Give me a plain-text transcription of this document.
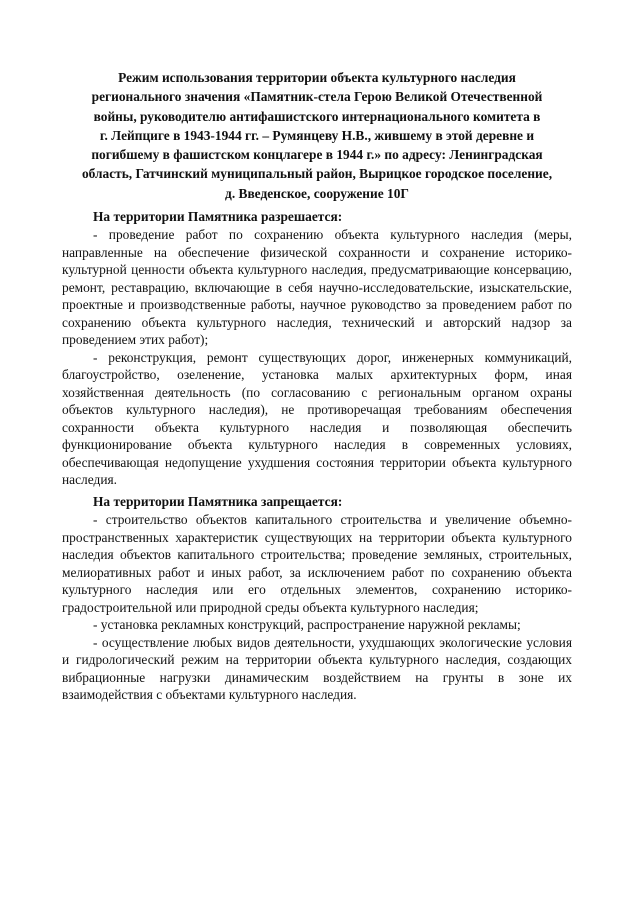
Режим использования территории объекта культурного наследия
регионального значения «Памятник-стела Герою Великой Отечественной
войны, руководителю антифашистского интернационального комитета в
г. Лейпциге в 1943-1944 гг. – Румянцеву Н.В., жившему в этой деревне и
погибшему в фашистском концлагере в 1944 г.» по адресу: Ленинградская
область, Гатчинский муниципальный район, Вырицкое городское поселение,
д. Введенское, сооружение 10Г
На территории Памятника разрешается:

- проведение работ по сохранению объекта культурного наследия (меры, направленные на обеспечение физической сохранности и сохранение историко-культурной ценности объекта культурного наследия, предусматривающие консервацию, ремонт, реставрацию, включающие в себя научно-исследовательские, изыскательские, проектные и производственные работы, научное руководство за проведением работ по сохранению объекта культурного наследия, технический и авторский надзор за проведением этих работ);

- реконструкция, ремонт существующих дорог, инженерных коммуникаций, благоустройство, озеленение, установка малых архитектурных форм, иная хозяйственная деятельность (по согласованию с региональным органом охраны объектов культурного наследия), не противоречащая требованиям обеспечения сохранности объекта культурного наследия и позволяющая обеспечить функционирование объекта культурного наследия в современных условиях, обеспечивающая недопущение ухудшения состояния территории объекта культурного наследия.

На территории Памятника запрещается:

- строительство объектов капитального строительства и увеличение объемно-пространственных характеристик существующих на территории объекта культурного наследия объектов капитального строительства; проведение земляных, строительных, мелиоративных работ и иных работ, за исключением работ по сохранению объекта культурного наследия или его отдельных элементов, сохранению историко-градостроительной или природной среды объекта культурного наследия;

- установка рекламных конструкций, распространение наружной рекламы;

- осуществление любых видов деятельности, ухудшающих экологические условия и гидрологический режим на территории объекта культурного наследия, создающих вибрационные нагрузки динамическим воздействием на грунты в зоне их взаимодействия с объектами культурного наследия.
